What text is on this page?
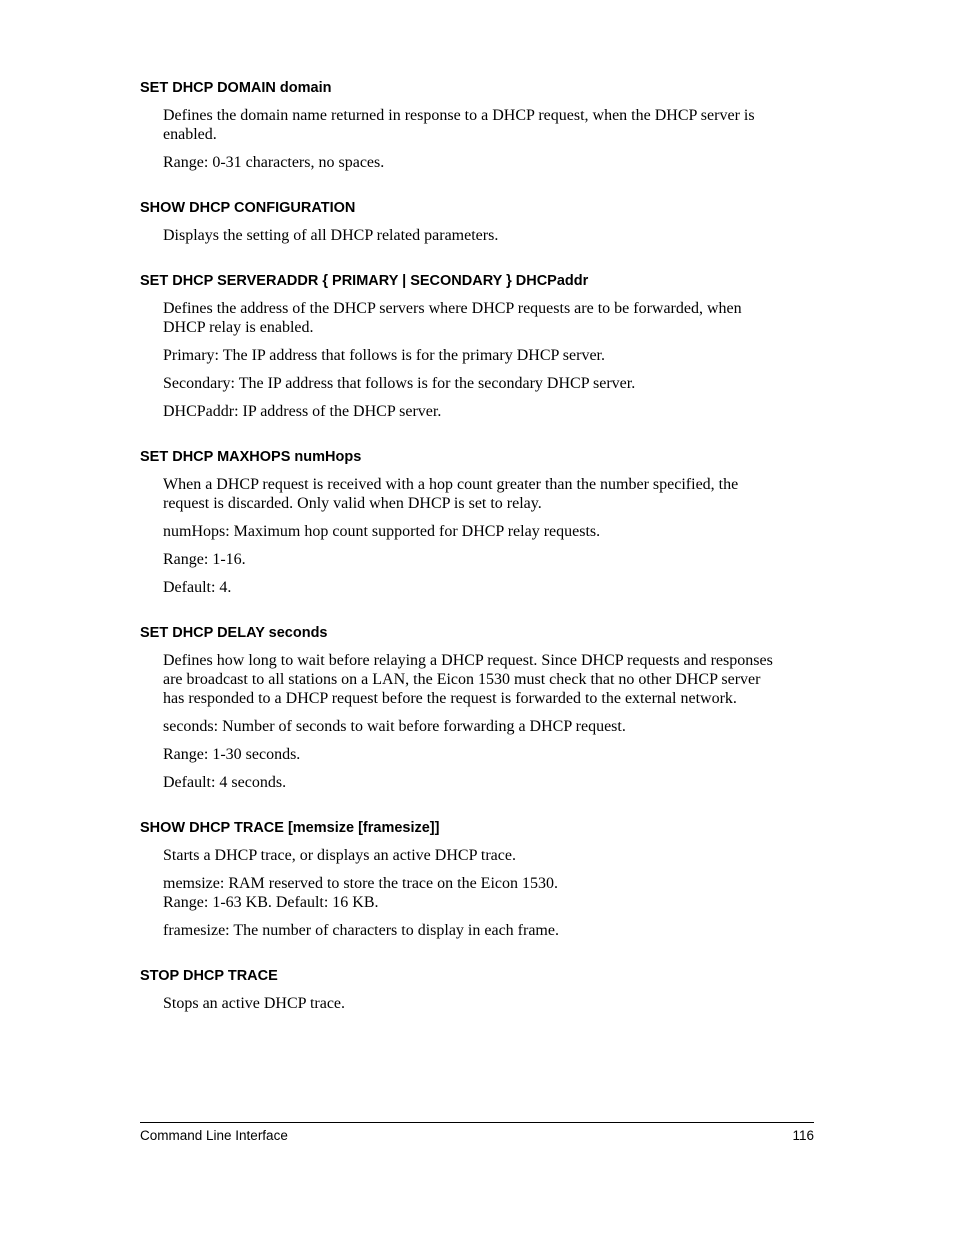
SET DHCP DOMAIN domain
Defines the domain name returned in response to a DHCP request, when the DHCP server is
enabled.
Range: 0-31 characters, no spaces.
SHOW DHCP CONFIGURATION
Displays the setting of all DHCP related parameters.
SET DHCP SERVERADDR { PRIMARY | SECONDARY } DHCPaddr
Defines the address of the DHCP servers where DHCP requests are to be forwarded, when
DHCP relay is enabled.
Primary: The IP address that follows is for the primary DHCP server.
Secondary: The IP address that follows is for the secondary DHCP server.
DHCPaddr: IP address of the DHCP server.
SET DHCP MAXHOPS numHops
When a DHCP request is received with a hop count greater than the number specified, the
request is discarded. Only valid when DHCP is set to relay.
numHops: Maximum hop count supported for DHCP relay requests.
Range: 1-16.
Default: 4.
SET DHCP DELAY seconds
Defines how long to wait before relaying a DHCP request. Since DHCP requests and responses
are broadcast to all stations on a LAN, the Eicon 1530 must check that no other DHCP server
has responded to a DHCP request before the request is forwarded to the external network.
seconds: Number of seconds to wait before forwarding a DHCP request.
Range: 1-30 seconds.
Default: 4 seconds.
SHOW DHCP TRACE [memsize [framesize]]
Starts a DHCP trace, or displays an active DHCP trace.
memsize: RAM reserved to store the trace on the Eicon 1530.
Range: 1-63 KB. Default: 16 KB.
framesize: The number of characters to display in each frame.
STOP DHCP TRACE
Stops an active DHCP trace.
Command Line Interface	116
